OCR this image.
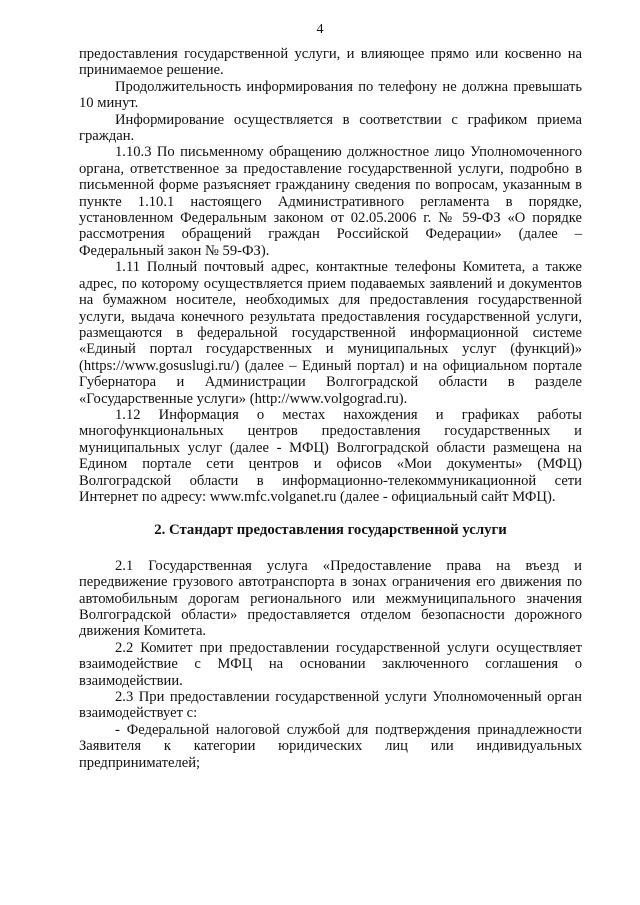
4

предоставления государственной услуги, и влияющее прямо или косвенно на принимаемое решение.

Продолжительность информирования по телефону не должна превышать 10 минут.

Информирование осуществляется в соответствии с графиком приема граждан.

1.10.3 По письменному обращению должностное лицо Уполномоченного органа, ответственное за предоставление государственной услуги, подробно в письменной форме разъясняет гражданину сведения по вопросам, указанным в пункте 1.10.1 настоящего Административного регламента в порядке, установленном Федеральным законом от 02.05.2006 г. № 59-ФЗ «О порядке рассмотрения обращений граждан Российской Федерации» (далее – Федеральный закон № 59-ФЗ).

1.11 Полный почтовый адрес, контактные телефоны Комитета, а также адрес, по которому осуществляется прием подаваемых заявлений и документов на бумажном носителе, необходимых для предоставления государственной услуги, выдача конечного результата предоставления государственной услуги, размещаются в федеральной государственной информационной системе «Единый портал государственных и муниципальных услуг (функций)» (https://www.gosuslugi.ru/) (далее – Единый портал) и на официальном портале Губернатора и Администрации Волгоградской области в разделе «Государственные услуги» (http://www.volgograd.ru).

1.12 Информация о местах нахождения и графиках работы многофункциональных центров предоставления государственных и муниципальных услуг (далее - МФЦ) Волгоградской области размещена на Едином портале сети центров и офисов «Мои документы» (МФЦ) Волгоградской области в информационно-телекоммуникационной сети Интернет по адресу: www.mfc.volganet.ru (далее - официальный сайт МФЦ).

2. Стандарт предоставления государственной услуги

2.1 Государственная услуга «Предоставление права на въезд и передвижение грузового автотранспорта в зонах ограничения его движения по автомобильным дорогам регионального или межмуниципального значения Волгоградской области» предоставляется отделом безопасности дорожного движения Комитета.

2.2 Комитет при предоставлении государственной услуги осуществляет взаимодействие с МФЦ на основании заключенного соглашения о взаимодействии.

2.3 При предоставлении государственной услуги Уполномоченный орган взаимодействует с:

- Федеральной налоговой службой для подтверждения принадлежности Заявителя к категории юридических лиц или индивидуальных предпринимателей;
